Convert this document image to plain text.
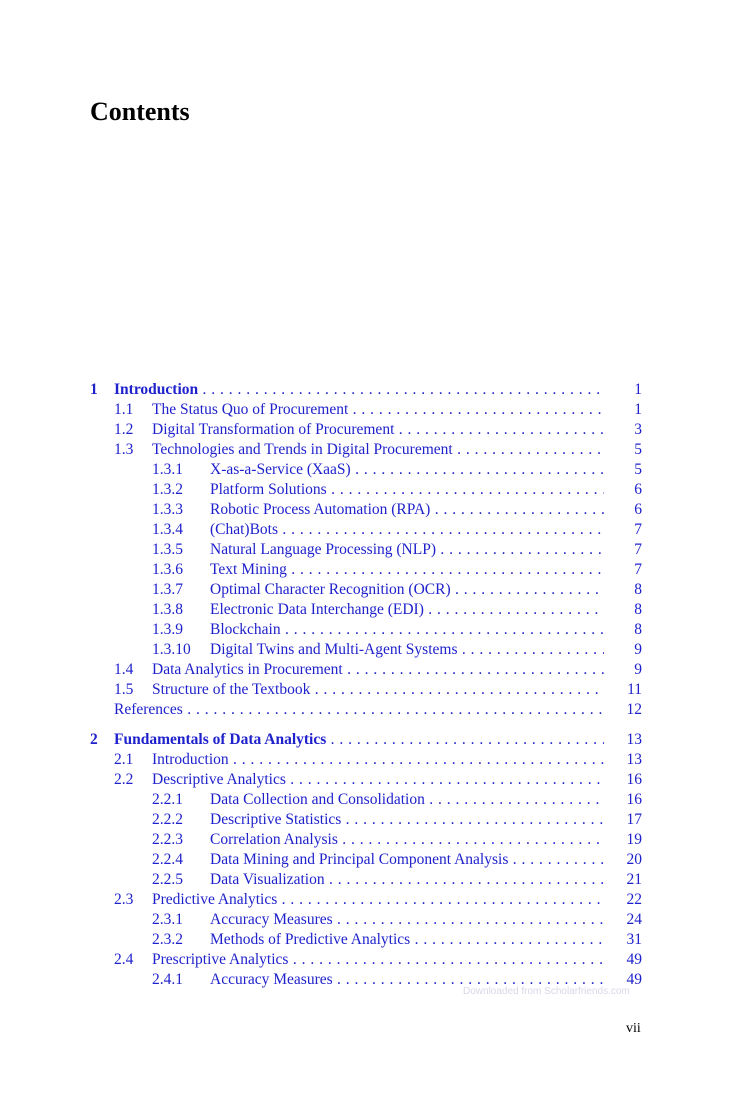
Contents
1 Introduction . . .	1
1.1 The Status Quo of Procurement . . .	1
1.2 Digital Transformation of Procurement . . .	3
1.3 Technologies and Trends in Digital Procurement . . .	5
1.3.1 X-as-a-Service (XaaS) . . .	5
1.3.2 Platform Solutions . . .	6
1.3.3 Robotic Process Automation (RPA) . . .	6
1.3.4 (Chat)Bots . . .	7
1.3.5 Natural Language Processing (NLP) . . .	7
1.3.6 Text Mining . . .	7
1.3.7 Optimal Character Recognition (OCR) . . .	8
1.3.8 Electronic Data Interchange (EDI) . . .	8
1.3.9 Blockchain . . .	8
1.3.10 Digital Twins and Multi-Agent Systems . . .	9
1.4 Data Analytics in Procurement . . .	9
1.5 Structure of the Textbook . . .	11
References . . .	12
2 Fundamentals of Data Analytics . . .	13
2.1 Introduction . . .	13
2.2 Descriptive Analytics . . .	16
2.2.1 Data Collection and Consolidation . . .	16
2.2.2 Descriptive Statistics . . .	17
2.2.3 Correlation Analysis . . .	19
2.2.4 Data Mining and Principal Component Analysis . . .	20
2.2.5 Data Visualization . . .	21
2.3 Predictive Analytics . . .	22
2.3.1 Accuracy Measures . . .	24
2.3.2 Methods of Predictive Analytics . . .	31
2.4 Prescriptive Analytics . . .	49
2.4.1 Accuracy Measures . . .	49
Downloaded from Scholarfriends.com
vii
